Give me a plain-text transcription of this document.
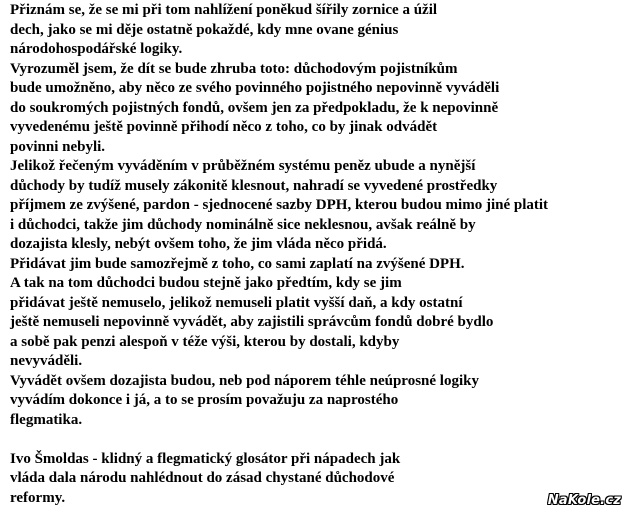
Přiznám se, že se mi při tom nahlížení poněkud šířily zornice a úžil
dech, jako se mi děje ostatně pokaždé, kdy mne ovane génius
národohospodářské logiky.
Vyrozuměl jsem, že dít se bude zhruba toto: důchodovým pojistníkům
bude umožněno, aby něco ze svého povinného pojistného nepovinně vyváděli
do soukromých pojistných fondů, ovšem jen za předpokladu, že k nepovinně
vyvedenému ještě povinně přihodí něco z toho, co by jinak odvádět
povinni nebyli.
Jelikož řečeným vyváděním v průběžném systému peněz ubude a nynější
důchody by tudíž musely zákonitě klesnout, nahradí se vyvedené prostředky
příjmem ze zvýšené, pardon - sjednocené sazby DPH, kterou budou mimo jiné platit
i důchodci, takže jim důchody nominálně sice neklesnou, avšak reálně by
dozajista klesly, nebýt ovšem toho, že jim vláda něco přidá.
Přidávat jim bude samozřejmě z toho, co sami zaplatí na zvýšené DPH.
A tak na tom důchodci budou stejně jako předtím, kdy se jim
přidávat ještě nemuselo, jelikož nemuseli platit vyšší daň, a kdy ostatní
ještě nemuseli nepovinně vyvádět, aby zajistili správcům fondů dobré bydlo
a sobě pak penzi alespoň v téže výši, kterou by dostali, kdyby
nevyváděli.
Vyvádět ovšem dozajista budou, neb pod náporem téhle neúprosné logiky
vyvádím dokonce i já, a to se prosím považuju za naprostého
flegmatika.
Ivo Šmoldas - klidný a flegmatický glosátor při nápadech jak
vláda dala národu nahlédnout do zásad chystané důchodové
reformy.	NaKole.cz
